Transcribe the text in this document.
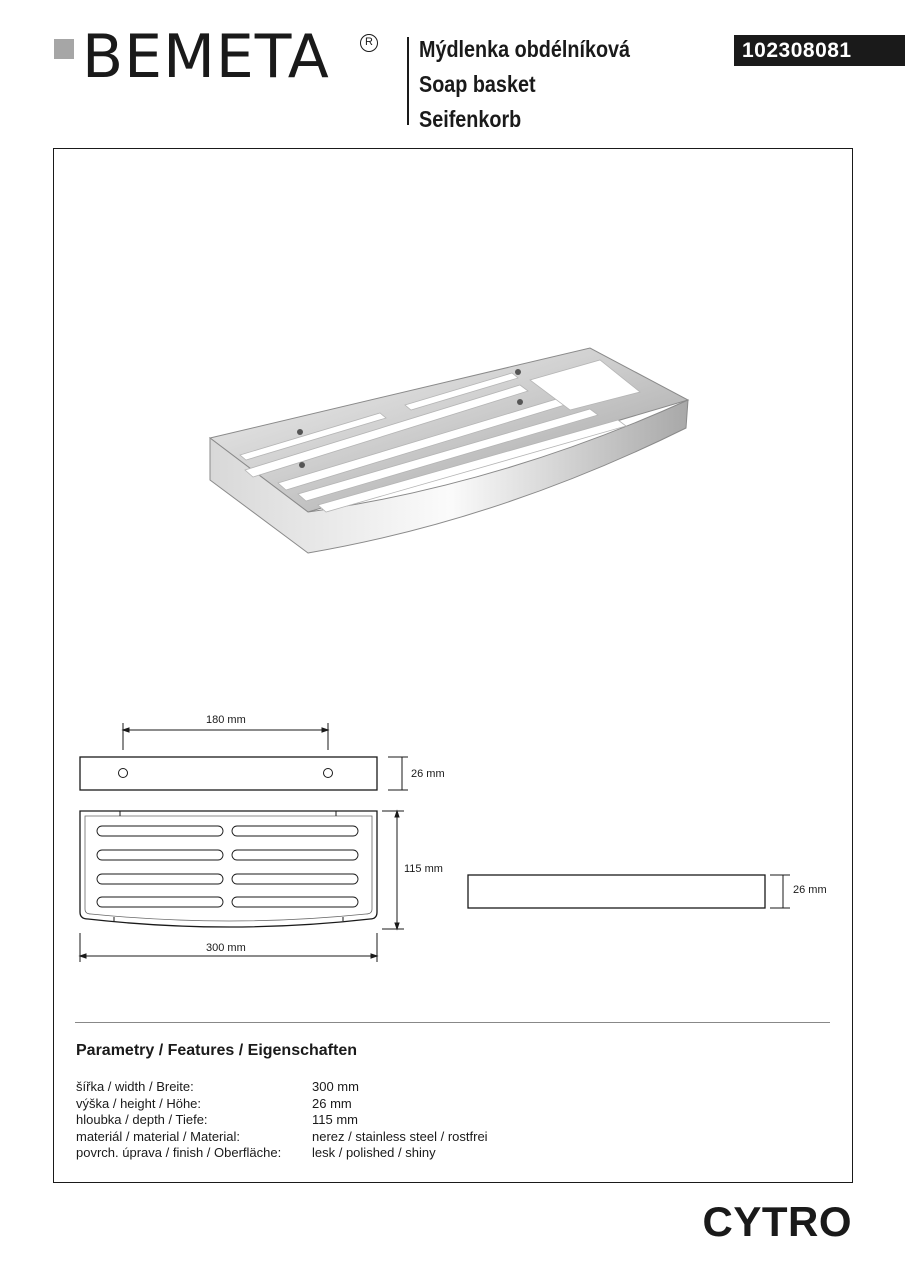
BEMETA	R Mýdlenka obdélníková
Soap basket
Seifenkorb
102308081
180 mm
26 mm
115 mm
300 mm
26 mm
Parametry / Features / Eigenschaften
šířka / width / Breite:	300 mm
výška / height / Höhe:	26 mm
hloubka / depth / Tiefe:	115 mm
materiál / material / Material:	nerez / stainless steel / rostfrei
povrch. úprava / finish / Oberfläche: lesk / polished / shiny
CYTRO
